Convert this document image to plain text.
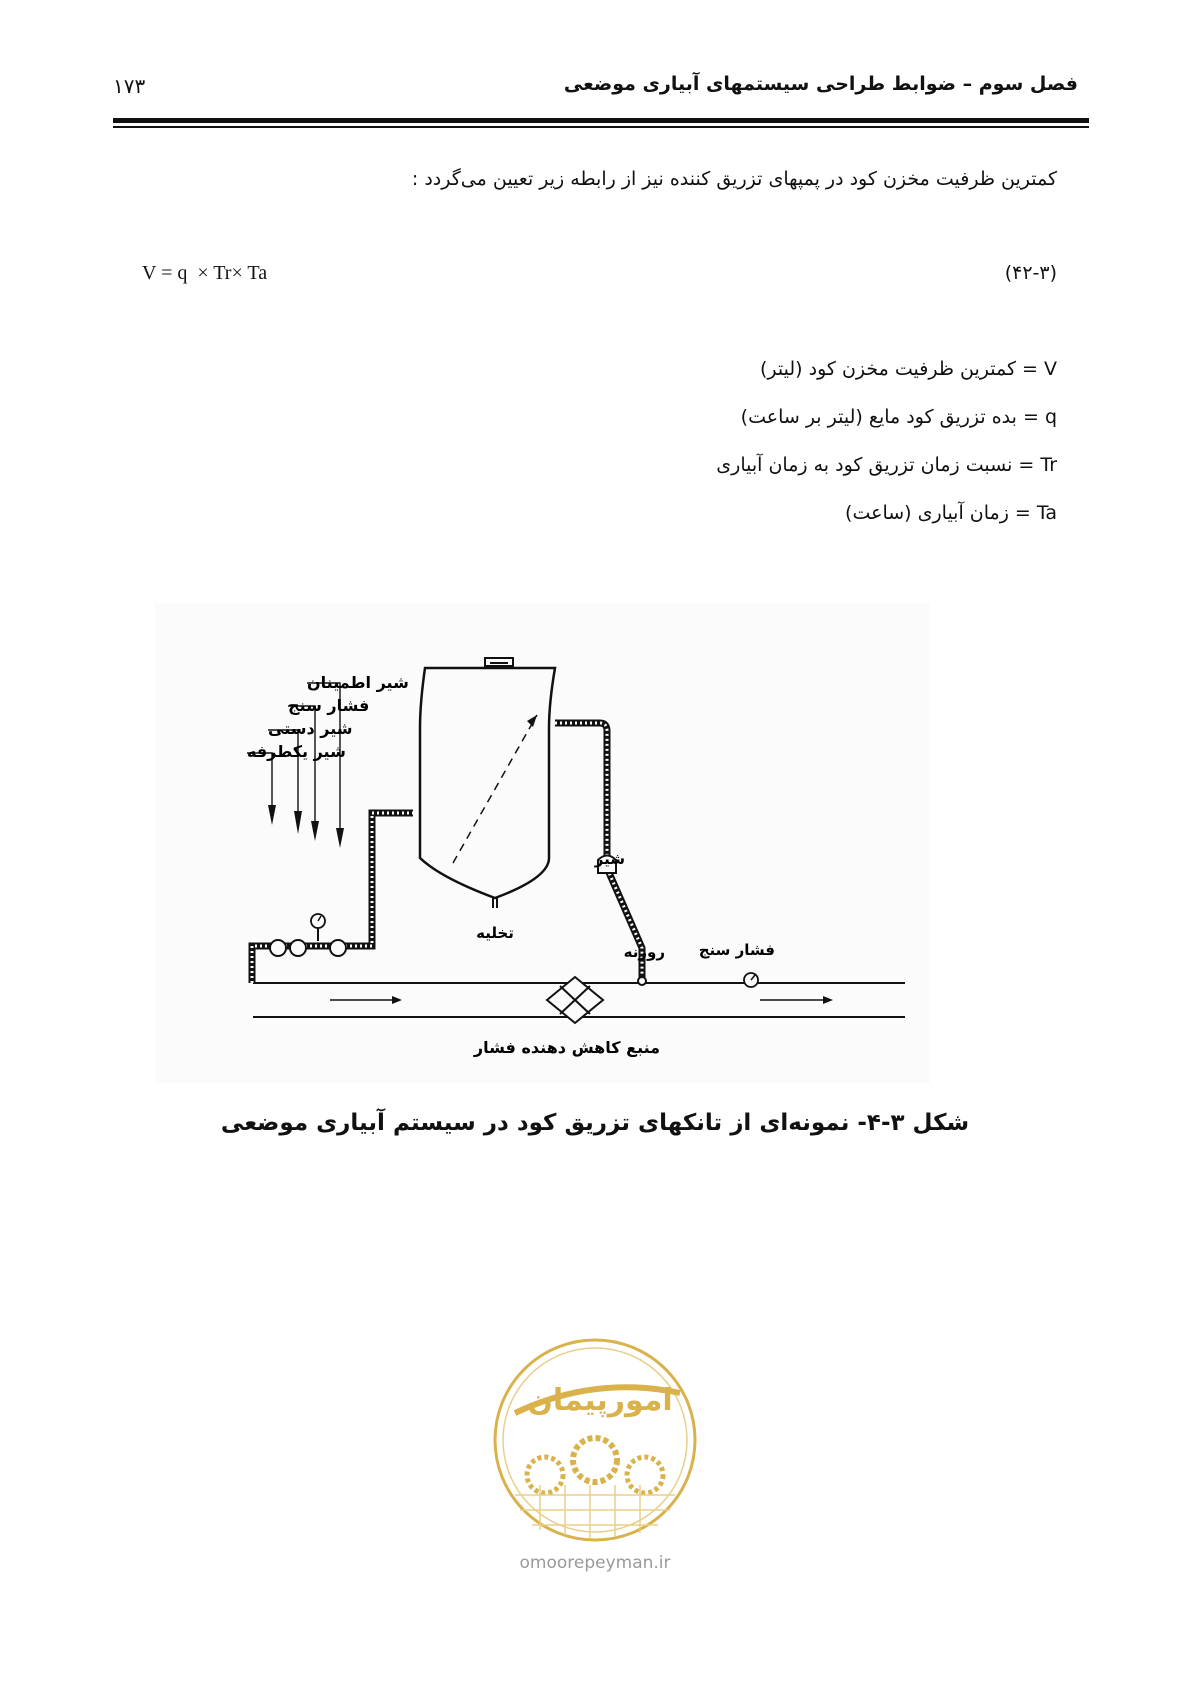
۱۷۳	فصل سوم – ضوابط طراحی سیستمهای آبیاری موضعی
کمترین ظرفیت مخزن کود در پمپهای تزریق کننده نیز از رابطه زیر تعیین می‌گردد :
V = q  × Tr× Ta	(۴۲-۳)
V = کمترین ظرفیت مخزن کود (لیتر)
q = بده تزریق کود مایع (لیتر بر ساعت)
Tr = نسبت زمان تزریق کود به زمان آبیاری
Ta = زمان آبیاری (ساعت)
منبع کاهش دهنده فشار
تخلیه
شیر
روزنه فشار سنج
شیر اطمینان
فشار سنج
شیر دستی
شیر یکطرفه
شکل ۳-۴- نمونه‌ای از تانکهای تزریق کود در سیستم آبیاری موضعی
امورپیمان
omoorepeyman.ir
